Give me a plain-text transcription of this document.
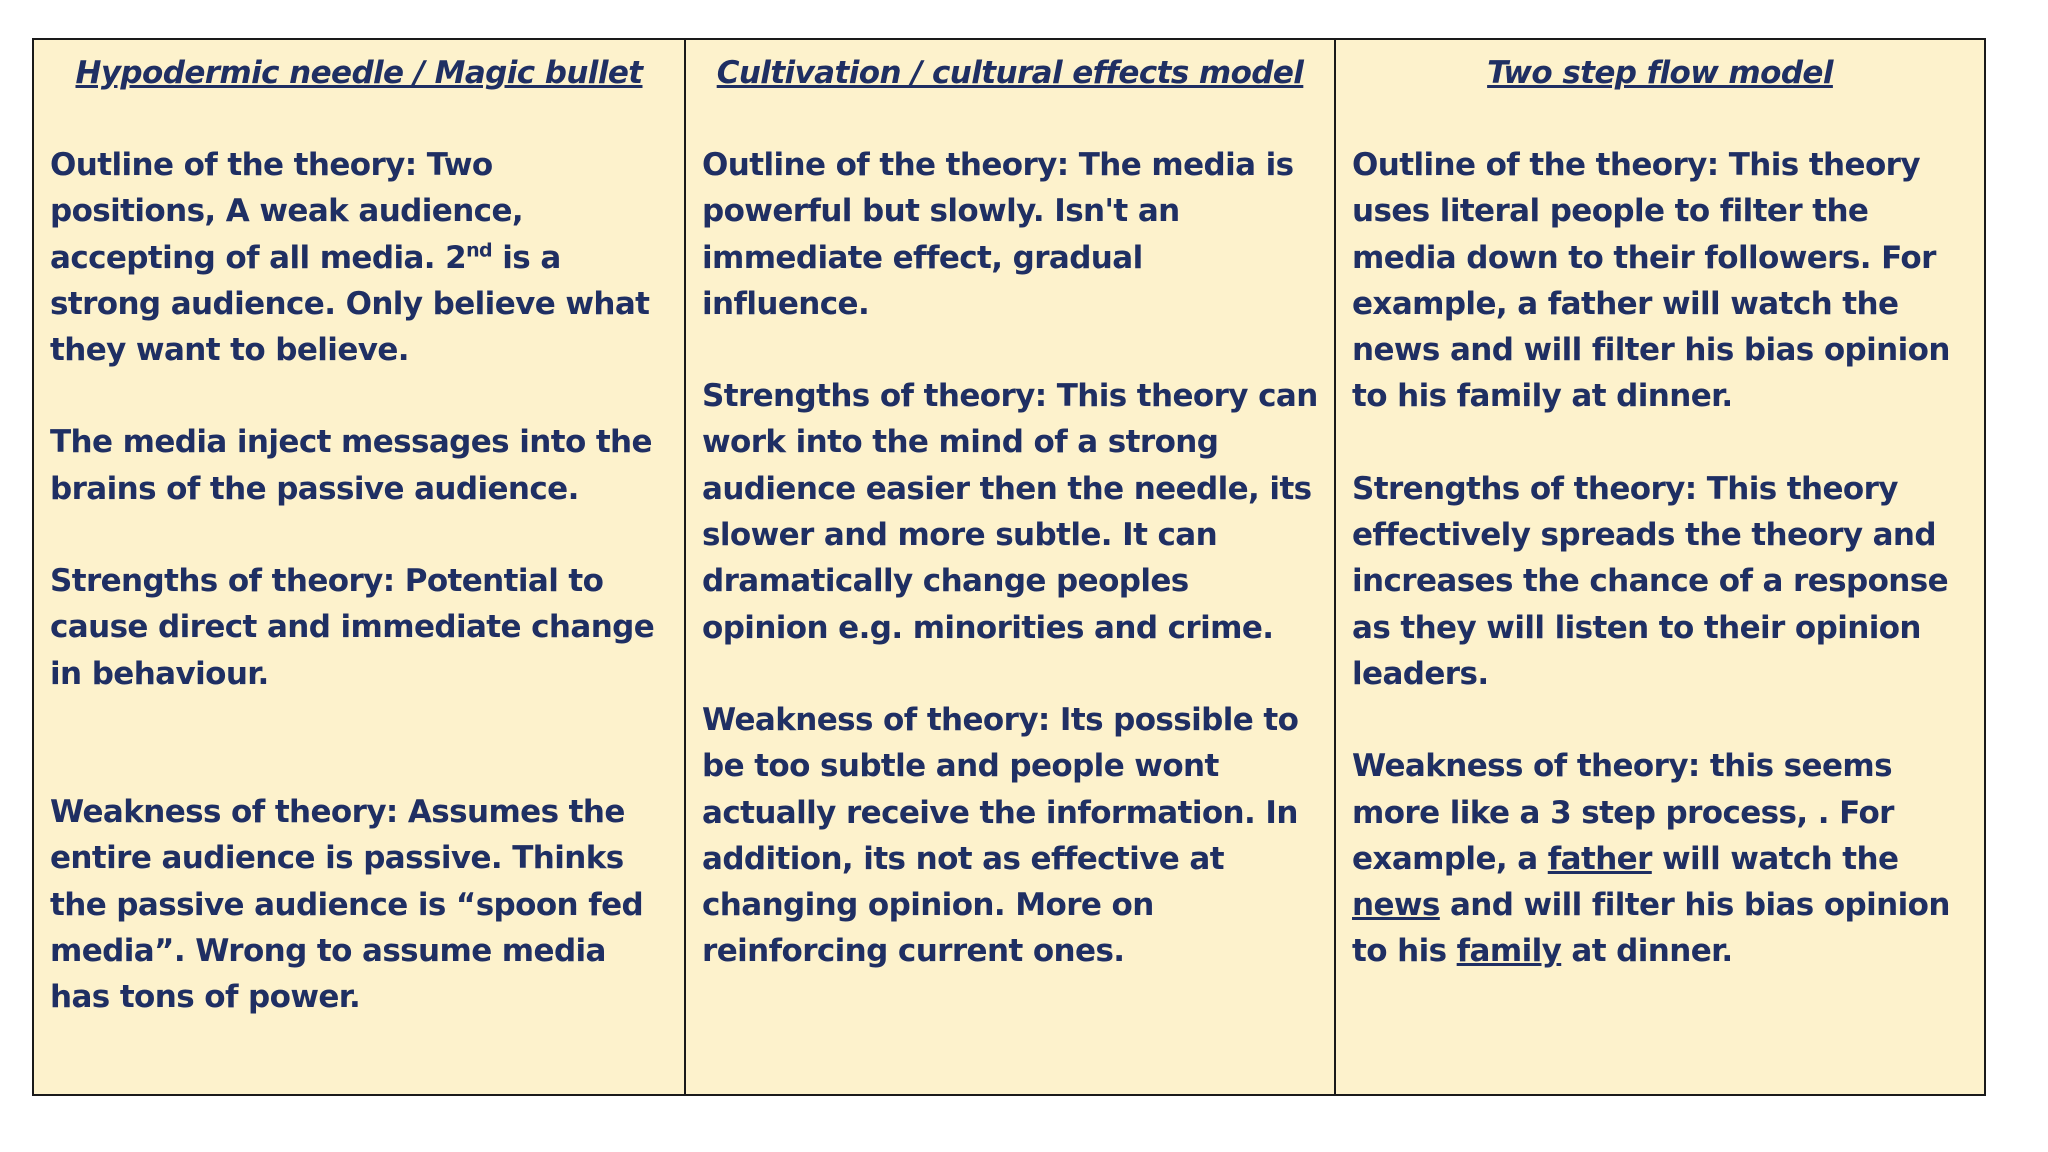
Hypodermic needle / Magic bullet

Outline of the theory: Two positions, A weak audience, accepting of all media. 2nd is a strong audience. Only believe what they want to believe.

The media inject messages into the brains of the passive audience.

Strengths of theory: Potential to cause direct and immediate change in behaviour.

Weakness of theory: Assumes the entire audience is passive. Thinks the passive audience is “spoon fed media”. Wrong to assume media has tons of power.

Cultivation / cultural effects model

Outline of the theory: The media is powerful but slowly. Isn't an immediate effect, gradual influence.

Strengths of theory: This theory can work into the mind of a strong audience easier then the needle, its slower and more subtle. It can dramatically change peoples opinion e.g. minorities and crime.

Weakness of theory: Its possible to be too subtle and people wont actually receive the information. In addition, its not as effective at changing opinion. More on reinforcing current ones.

Two step flow model

Outline of the theory: This theory uses literal people to filter the media down to their followers. For example, a father will watch the news and will filter his bias opinion to his family at dinner.

Strengths of theory: This theory effectively spreads the theory and increases the chance of a response as they will listen to their opinion leaders.

Weakness of theory: this seems more like a 3 step process, . For example, a father will watch the news and will filter his bias opinion to his family at dinner.
